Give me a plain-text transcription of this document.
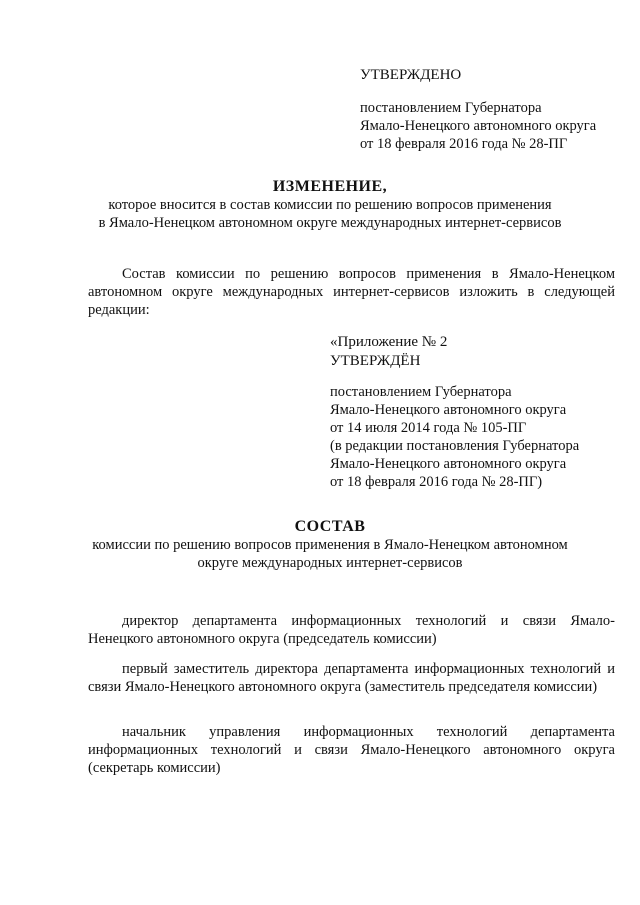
УТВЕРЖДЕНО
постановлением Губернатора
Ямало-Ненецкого автономного округа
от 18 февраля 2016 года № 28-ПГ
ИЗМЕНЕНИЕ,
которое вносится в состав комиссии по решению вопросов применения
в Ямало-Ненецком автономном округе международных интернет-сервисов
Состав комиссии по решению вопросов применения в Ямало-Ненецком
автономном округе международных интернет-сервисов изложить в следующей
редакции:
«Приложение № 2
УТВЕРЖДЁН
постановлением Губернатора
Ямало-Ненецкого автономного округа
от 14 июля 2014 года № 105-ПГ
(в редакции постановления Губернатора
Ямало-Ненецкого автономного округа
от 18 февраля 2016 года № 28-ПГ)
СОСТАВ
комиссии по решению вопросов применения в Ямало-Ненецком автономном
округе международных интернет-сервисов
директор департамента информационных технологий и связи Ямало-Ненецкого автономного округа (председатель комиссии)
первый заместитель директора департамента информационных технологий и связи Ямало-Ненецкого автономного округа (заместитель председателя комиссии)
начальник управления информационных технологий департамента информационных технологий и связи Ямало-Ненецкого автономного округа (секретарь комиссии)
